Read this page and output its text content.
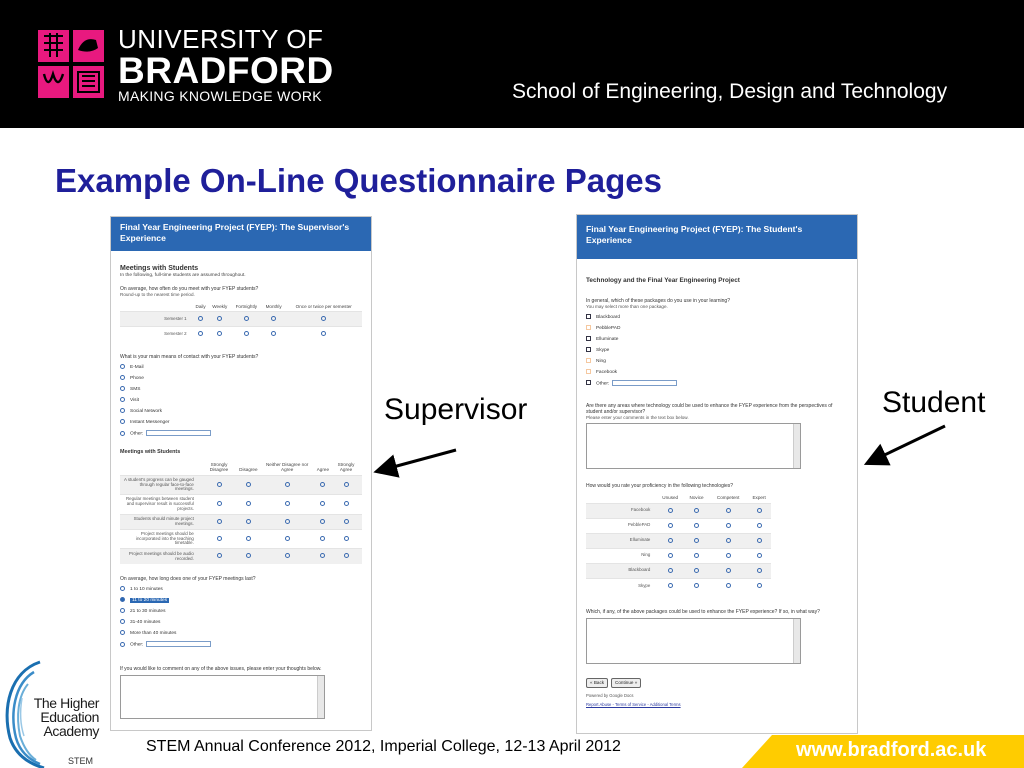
UNIVERSITY OF
BRADFORD
MAKING KNOWLEDGE WORK	School of Engineering, Design and Technology
Example On-Line Questionnaire Pages
Final Year Engineering Project (FYEP): The Supervisor's Experience
Meetings with Students
In the following, full-time students are assumed throughout.
On average, how often do you meet with your FYEP students?
Round-up to the nearest time period.
	Daily	Weekly	Fortnightly	Monthly	Once or twice per semester
Semester 1					
Semester 2					
What is your main means of contact with your FYEP students?
E-Mail
Phone
SMS
Visit
Social Network
Instant Messenger
Other:
Meetings with Students
	Strongly Disagree	Disagree	Neither Disagree nor Agree	Agree	Strongly Agree
A student's progress can be gauged through regular face-to-face meetings.					
Regular meetings between student and supervisor result in successful projects.					
Students should minute project meetings.					
Project meetings should be incorporated into the teaching timetable.					
Project meetings should be audio recorded.					
On average, how long does one of your FYEP meetings last?
1 to 10 minutes
11 to 20 minutes
21 to 30 minutes
31-40 minutes
More than 40 minutes
Other:
If you would like to comment on any of the above issues, please enter your thoughts below.
Final Year Engineering Project (FYEP): The Student's Experience
Technology and the Final Year Engineering Project
In general, which of these packages do you use in your learning?
You may select more than one package.
Blackboard
PebblePAD
Elluminate
Skype
Ning
Facebook
Other:
Are there any areas where technology could be used to enhance the FYEP experience from the perspectives of student and/or supervisor?
Please enter your comments in the text box below.
How would you rate your proficiency in the following technologies?
	Unused	Novice	Competent	Expert
Facebook				
PebblePAD				
Elluminate				
Ning				
Blackboard				
Skype				
Which, if any, of the above packages could be used to enhance the FYEP experience? If so, in what way?
« Back Continue »
Powered by Google Docs
Report Abuse - Terms of Service - Additional Terms
Supervisor	Student
The Higher Education Academy
STEM
STEM Annual Conference 2012, Imperial College, 12-13 April 2012	www.bradford.ac.uk
